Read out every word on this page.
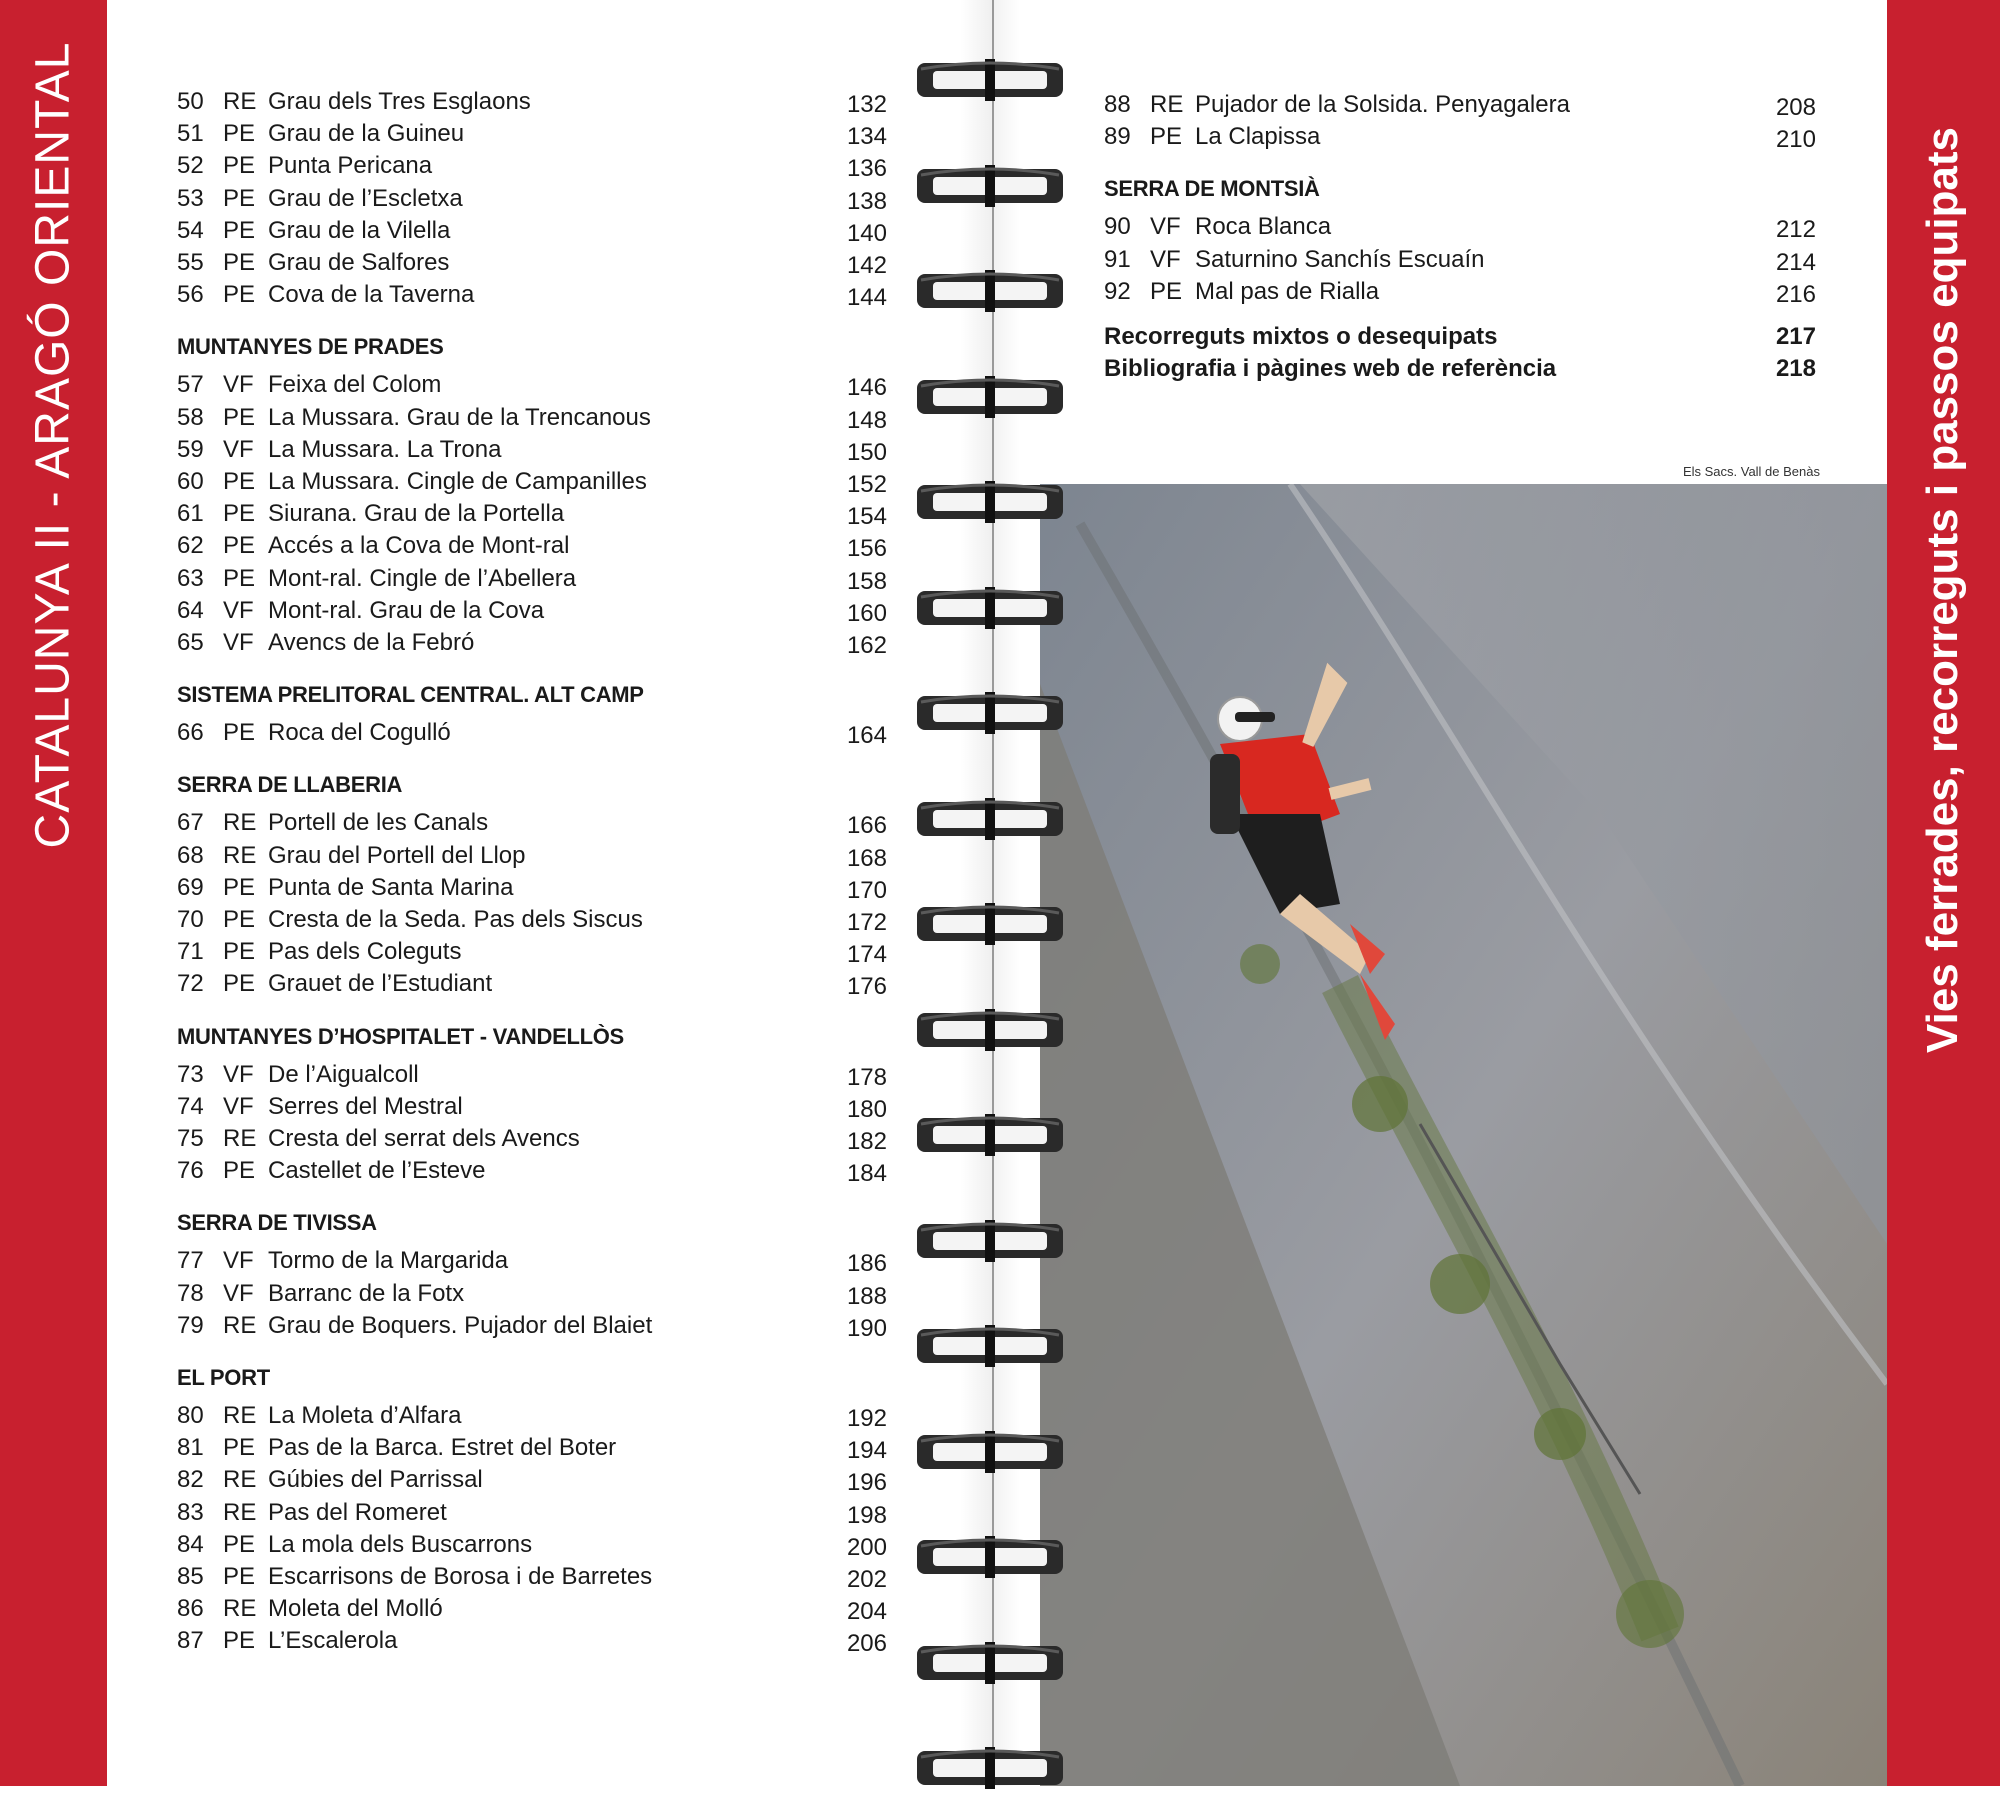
CATALUNYA II - ARAGÓ ORIENTAL	Vies ferrades, recorreguts i passos equipats
50 RE Grau dels Tres Esglaons	132
51 PE Grau de la Guineu	134
52 PE Punta Pericana	136
53 PE Grau de l’Escletxa	138
54 PE Grau de la Vilella	140
55 PE Grau de Salfores	142
56 PE Cova de la Taverna	144
MUNTANYES DE PRADES
57 VF Feixa del Colom	146
58 PE La Mussara. Grau de la Trencanous	148
59 VF La Mussara. La Trona	150
60 PE La Mussara. Cingle de Campanilles	152
61 PE Siurana. Grau de la Portella	154
62 PE Accés a la Cova de Mont-ral	156
63 PE Mont-ral. Cingle de l’Abellera	158
64 VF Mont-ral. Grau de la Cova	160
65 VF Avencs de la Febró	162
SISTEMA PRELITORAL CENTRAL. ALT CAMP
66 PE Roca del Cogulló	164
SERRA DE LLABERIA
67 RE Portell de les Canals	166
68 RE Grau del Portell del Llop	168
69 PE Punta de Santa Marina	170
70 PE Cresta de la Seda. Pas dels Siscus	172
71 PE Pas dels Coleguts	174
72 PE Grauet de l’Estudiant	176
MUNTANYES D’HOSPITALET - VANDELLÒS
73 VF De l’Aigualcoll	178
74 VF Serres del Mestral	180
75 RE Cresta del serrat dels Avencs	182
76 PE Castellet de l’Esteve	184
SERRA DE TIVISSA
77 VF Tormo de la Margarida	186
78 VF Barranc de la Fotx	188
79 RE Grau de Boquers. Pujador del Blaiet	190
EL PORT
80 RE La Moleta d’Alfara	192
81 PE Pas de la Barca. Estret del Boter	194
82 RE Gúbies del Parrissal	196
83 RE Pas del Romeret	198
84 PE La mola dels Buscarrons	200
85 PE Escarrisons de Borosa i de Barretes	202
86 RE Moleta del Molló	204
87 PE L’Escalerola	206
88 RE Pujador de la Solsida. Penyagalera	208
89 PE La Clapissa	210
SERRA DE MONTSIÀ
90 VF Roca Blanca	212
91 VF Saturnino Sanchís Escuaín	214
92 PE Mal pas de Rialla	216
Recorreguts mixtos o desequipats	217
Bibliografia i pàgines web de referència	218
Els Sacs. Vall de Benàs
